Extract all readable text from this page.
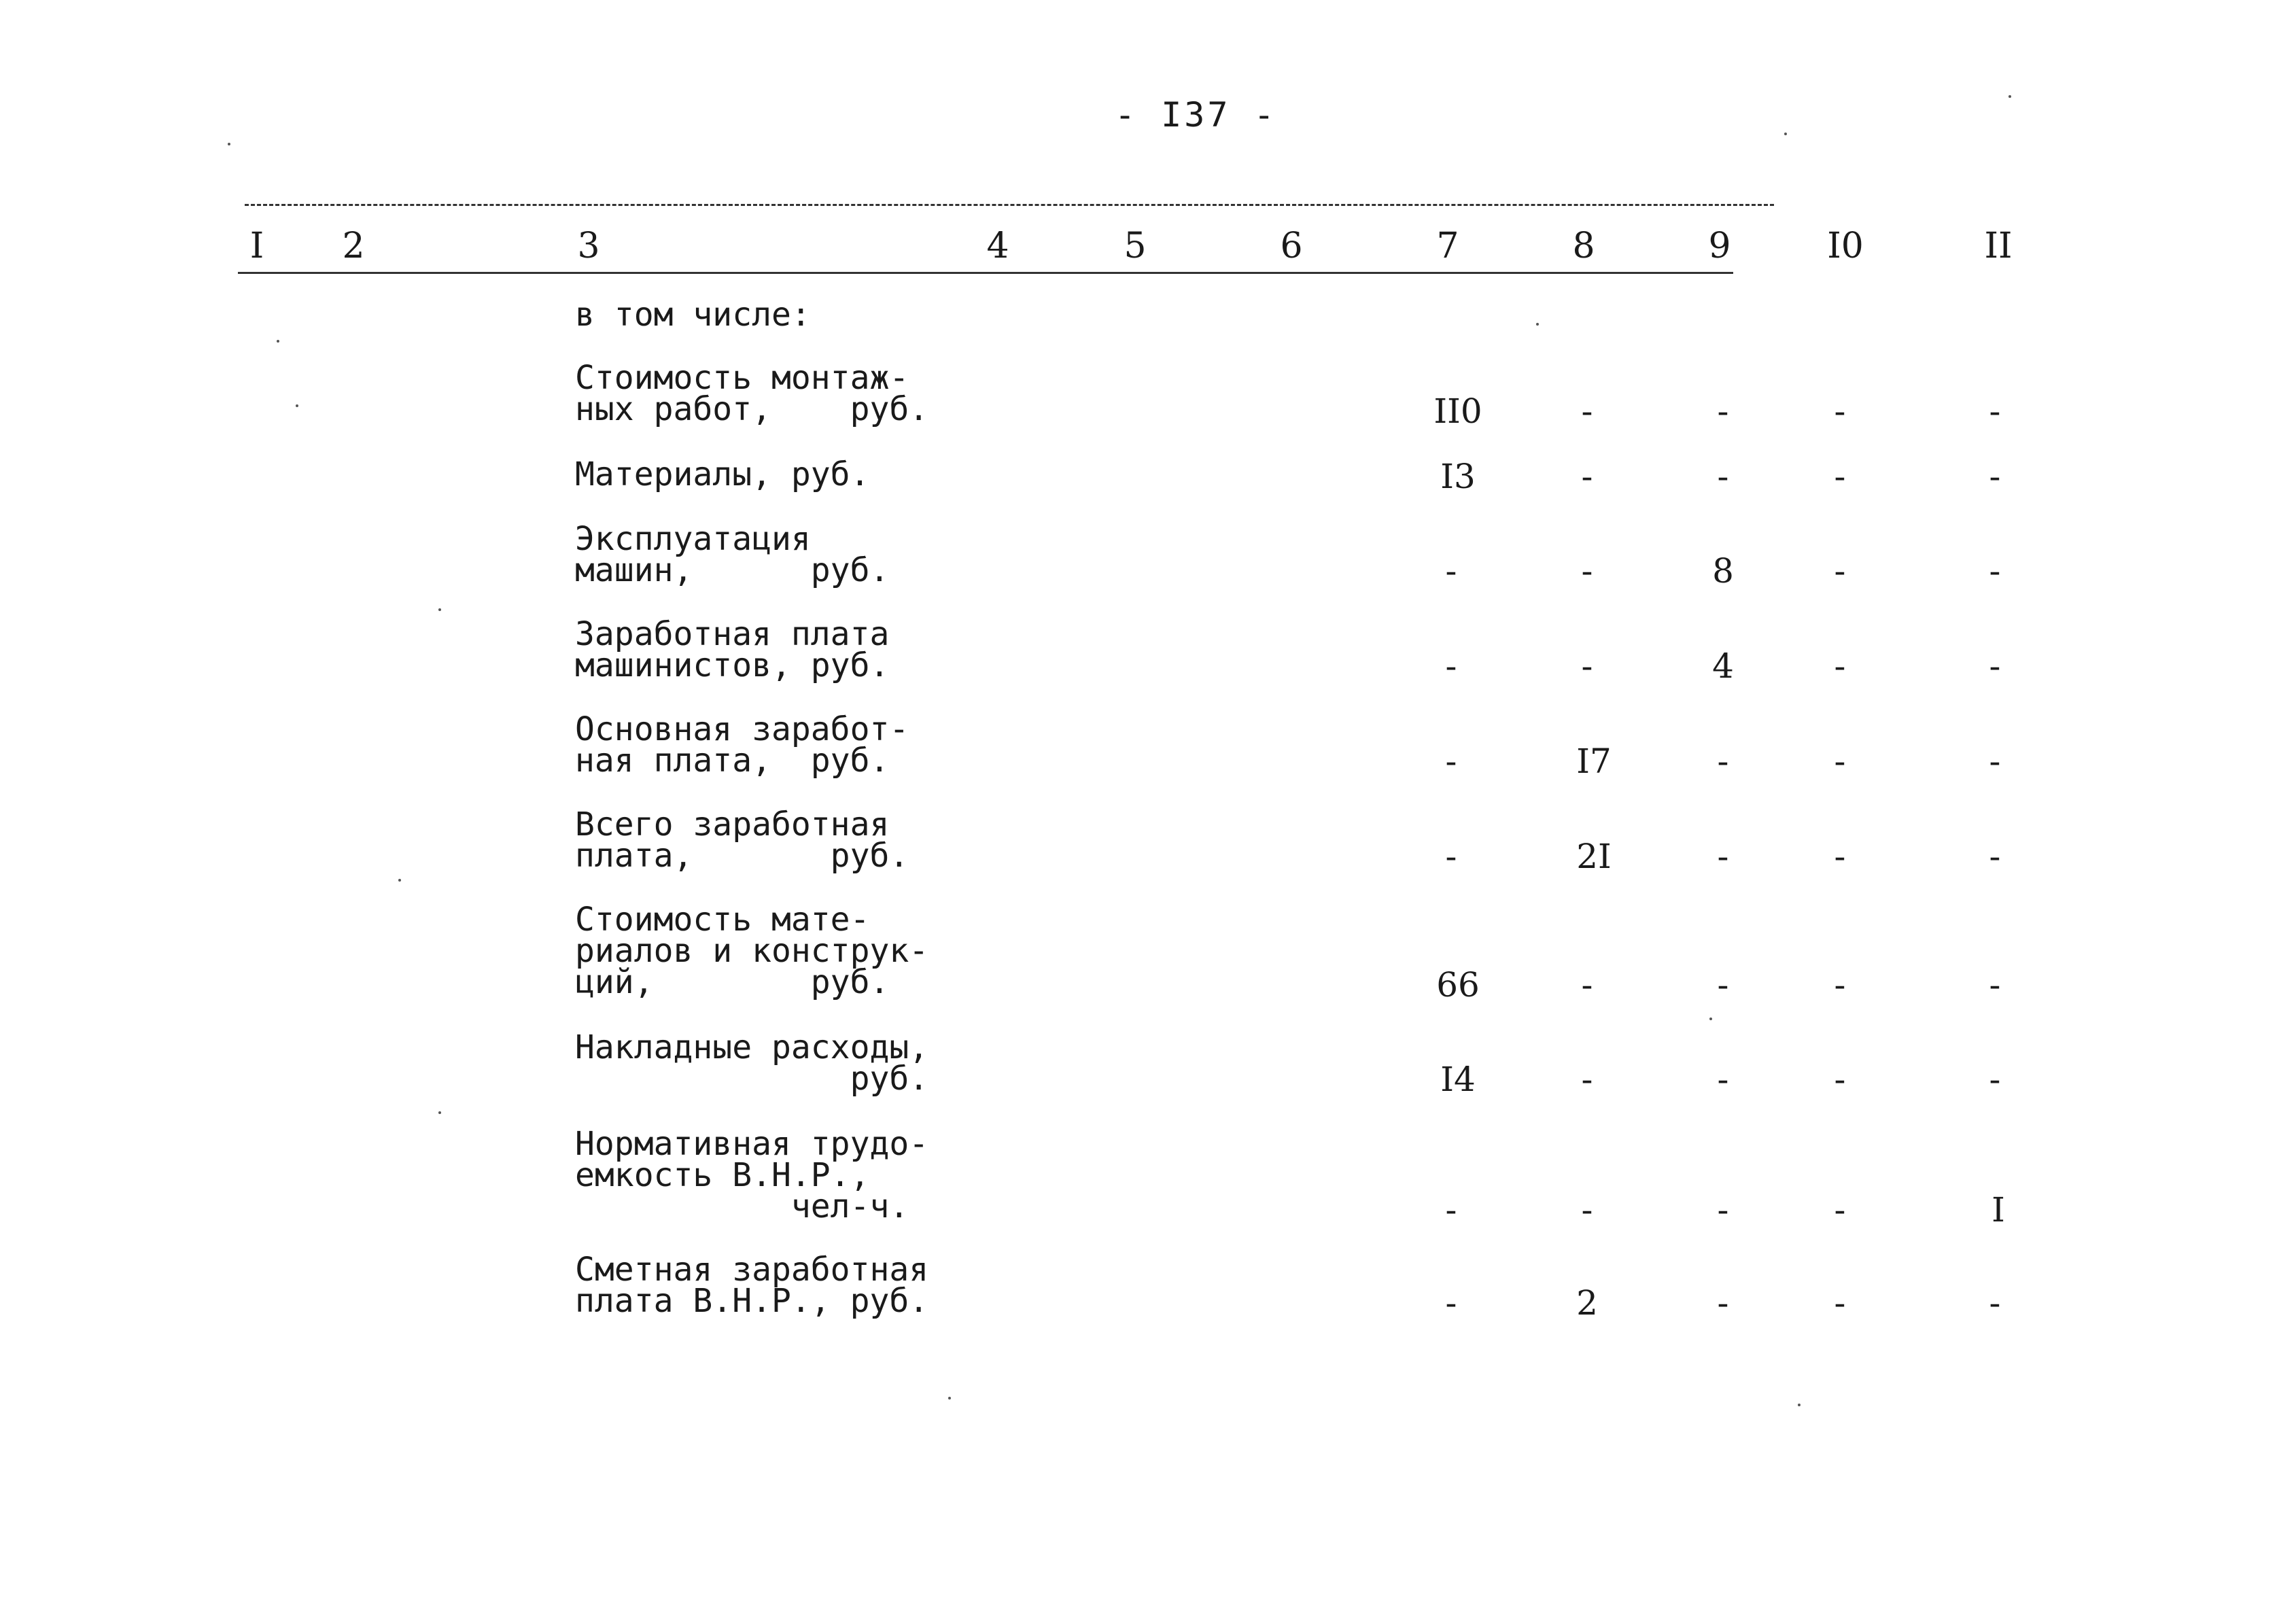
- I37 -
I 2	3	4	5	6	7	8	9	I0	II
в том числе:
Стоимость монтаж-
ных работ,    руб.	II0	-	-	-	-
Материалы, руб.	I3	-	-	-	-
Эксплуатация
машин,      руб.	-	-	8	-	-
Заработная плата
машинистов, руб.	-	-	4	-	-
Основная заработ-
ная плата,  руб.	-	I7	-	-	-
Всего заработная
плата,       руб.	-	2I	-	-	-
Стоимость мате-
риалов и конструк-
ций,        руб.	66	-	-	-	-
Накладные расходы,
руб.	I4	-	-	-	-
Нормативная трудо-
емкость В.Н.Р.,
чел-ч.	-	-	-	-	I
Сметная заработная
плата В.Н.Р., руб.	-	2	-	-	-
